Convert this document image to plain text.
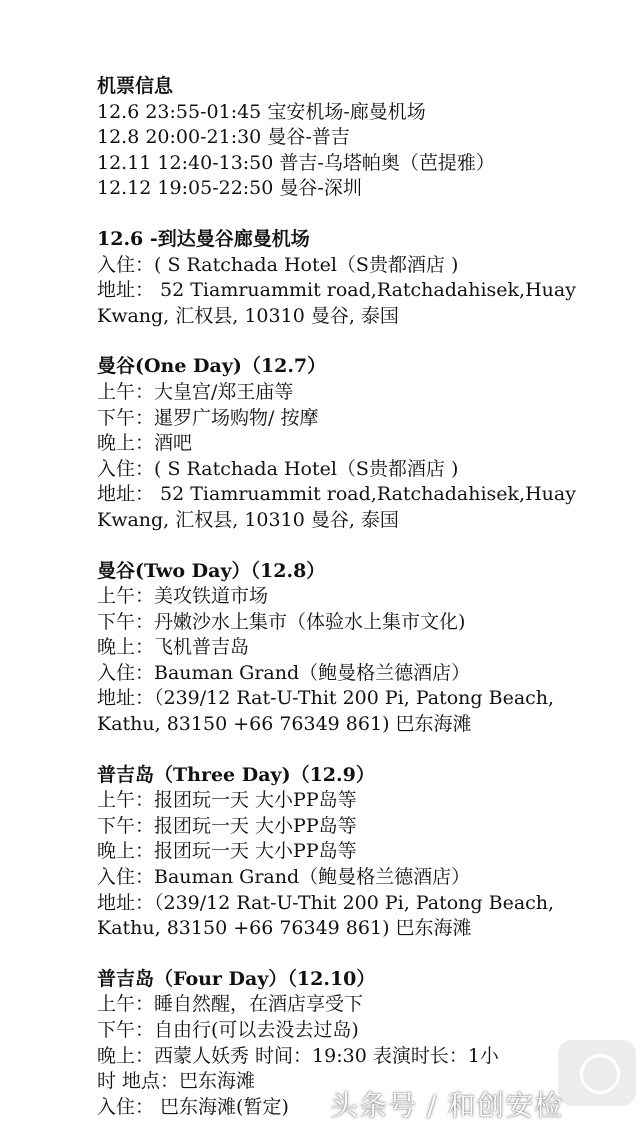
机票信息
12.6 23:55-01:45 宝安机场-廊曼机场
12.8 20:00-21:30 曼谷-普吉
12.11 12:40-13:50 普吉-乌塔帕奥（芭提雅）
12.12 19:05-22:50 曼谷-深圳
12.6 -到达曼谷廊曼机场
入住：( S Ratchada Hotel（S贵都酒店 )
地址： 52 Tiamruammit road,Ratchadahisek,Huay
Kwang, 汇权县, 10310 曼谷, 泰国
曼谷(One Day)（12.7）
上午：大皇宫/郑王庙等
下午：暹罗广场购物/ 按摩
晚上：酒吧
入住：( S Ratchada Hotel（S贵都酒店 )
地址： 52 Tiamruammit road,Ratchadahisek,Huay
Kwang, 汇权县, 10310 曼谷, 泰国
曼谷(Two Day）（12.8）
上午：美攻铁道市场
下午：丹嫩沙水上集市（体验水上集市文化)
晚上：飞机普吉岛
入住：Bauman Grand（鲍曼格兰德酒店）
地址：（239/12 Rat-U-Thit 200 Pi, Patong Beach,
Kathu, 83150 +66 76349 861) 巴东海滩
普吉岛（Three Day)（12.9）
上午：报团玩一天 大小PP岛等
下午：报团玩一天 大小PP岛等
晚上：报团玩一天 大小PP岛等
入住：Bauman Grand（鲍曼格兰德酒店）
地址：（239/12 Rat-U-Thit 200 Pi, Patong Beach,
Kathu, 83150 +66 76349 861) 巴东海滩
普吉岛（Four Day）（12.10）
上午：睡自然醒，在酒店享受下
下午：自由行(可以去没去过岛)
晚上：西蒙人妖秀 时间：19:30 表演时长：1小
时 地点：巴东海滩
入住： 巴东海滩(暂定)	头条号 / 和创安检
